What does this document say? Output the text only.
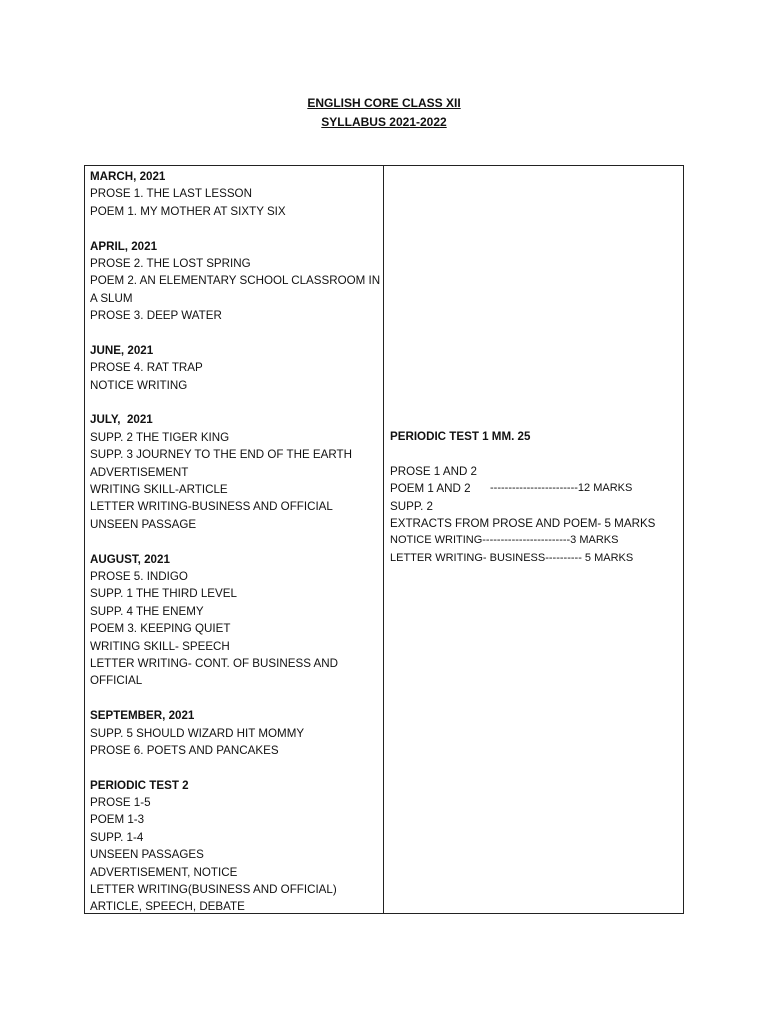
ENGLISH CORE CLASS XII
SYLLABUS 2021-2022
MARCH, 2021
PROSE 1. THE LAST LESSON
POEM 1. MY MOTHER AT SIXTY SIX
APRIL, 2021
PROSE 2. THE LOST SPRING
POEM 2. AN ELEMENTARY SCHOOL CLASSROOM IN
A SLUM
PROSE 3. DEEP WATER
JUNE, 2021
PROSE 4. RAT TRAP
NOTICE WRITING
JULY,  2021
SUPP. 2 THE TIGER KING
SUPP. 3 JOURNEY TO THE END OF THE EARTH
ADVERTISEMENT
WRITING SKILL-ARTICLE
LETTER WRITING-BUSINESS AND OFFICIAL
UNSEEN PASSAGE
AUGUST, 2021
PROSE 5. INDIGO
SUPP. 1 THE THIRD LEVEL
SUPP. 4 THE ENEMY
POEM 3. KEEPING QUIET
WRITING SKILL- SPEECH
LETTER WRITING- CONT. OF BUSINESS AND
OFFICIAL
SEPTEMBER, 2021
SUPP. 5 SHOULD WIZARD HIT MOMMY
PROSE 6. POETS AND PANCAKES
PERIODIC TEST 2
PROSE 1-5
POEM 1-3
SUPP. 1-4
UNSEEN PASSAGES
ADVERTISEMENT, NOTICE
LETTER WRITING(BUSINESS AND OFFICIAL)
ARTICLE, SPEECH, DEBATE
PERIODIC TEST 1 MM. 25
PROSE 1 AND 2
POEM 1 AND 2	------------------------12 MARKS
SUPP. 2
EXTRACTS FROM PROSE AND POEM- 5 MARKS
NOTICE WRITING------------------------3 MARKS
LETTER WRITING- BUSINESS---------- 5 MARKS
